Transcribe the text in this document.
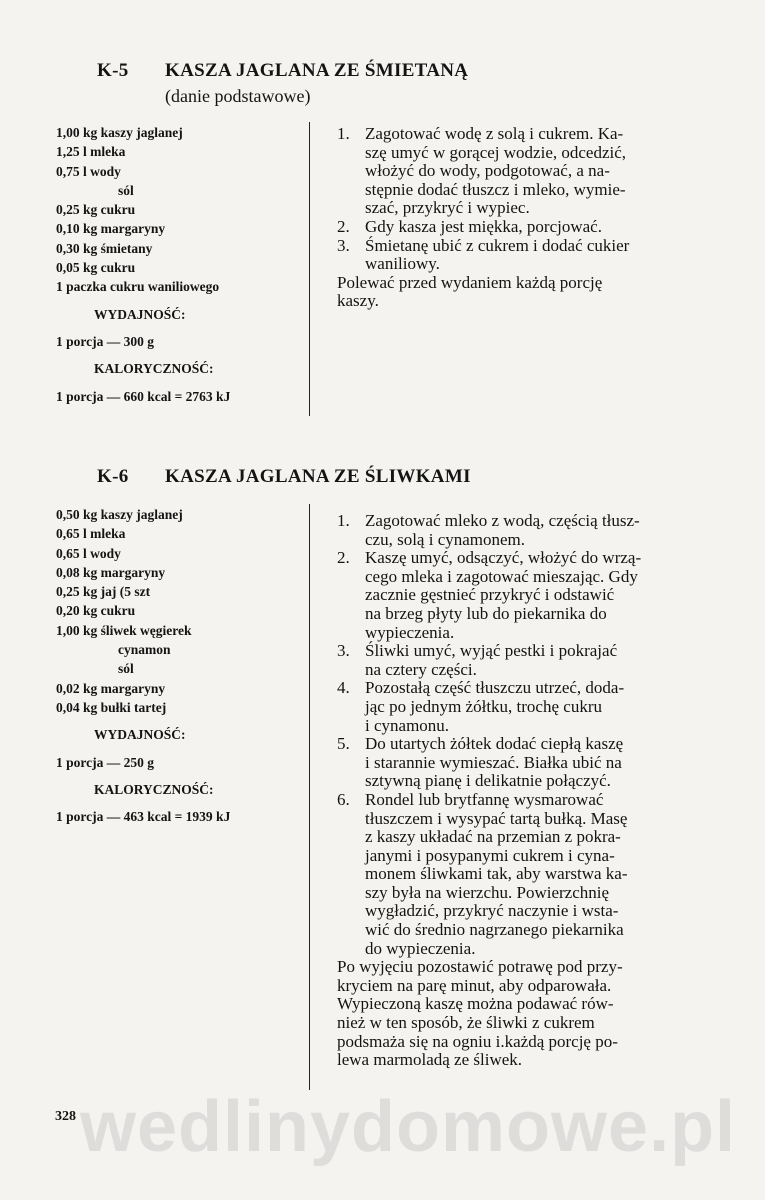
K-5 KASZA JAGLANA ZE ŚMIETANĄ
(danie podstawowe)
1,00 kg kaszy jaglanej
1,25 l mleka
0,75 l wody
sól
0,25 kg cukru
0,10 kg margaryny
0,30 kg śmietany
0,05 kg cukru
1 paczka cukru waniliowego
WYDAJNOŚĆ:
1 porcja — 300 g
KALORYCZNOŚĆ:
1 porcja — 660 kcal = 2763 kJ
1. Zagotować wodę z solą i cukrem. Ka-
szę umyć w gorącej wodzie, odcedzić,
włożyć do wody, podgotować, a na-
stępnie dodać tłuszcz i mleko, wymie-
szać, przykryć i wypiec.
2. Gdy kasza jest miękka, porcjować.
3. Śmietanę ubić z cukrem i dodać cukier
waniliowy.
Polewać przed wydaniem każdą porcję
kaszy.
K-6 KASZA JAGLANA ZE ŚLIWKAMI
0,50 kg kaszy jaglanej
0,65 l mleka
0,65 l wody
0,08 kg margaryny
0,25 kg jaj (5 szt
0,20 kg cukru
1,00 kg śliwek węgierek
cynamon
sól
0,02 kg margaryny
0,04 kg bułki tartej
WYDAJNOŚĆ:
1 porcja — 250 g
KALORYCZNOŚĆ:
1 porcja — 463 kcal = 1939 kJ
1. Zagotować mleko z wodą, częścią tłusz-
czu, solą i cynamonem.
2. Kaszę umyć, odsączyć, włożyć do wrzą-
cego mleka i zagotować mieszając. Gdy
zacznie gęstnieć przykryć i odstawić
na brzeg płyty lub do piekarnika do
wypieczenia.
3. Śliwki umyć, wyjąć pestki i pokrajać
na cztery części.
4. Pozostałą część tłuszczu utrzeć, doda-
jąc po jednym żółtku, trochę cukru
i cynamonu.
5. Do utartych żółtek dodać ciepłą kaszę
i starannie wymieszać. Białka ubić na
sztywną pianę i delikatnie połączyć.
6. Rondel lub brytfannę wysmarować
tłuszczem i wysypać tartą bułką. Masę
z kaszy układać na przemian z pokra-
janymi i posypanymi cukrem i cyna-
monem śliwkami tak, aby warstwa ka-
szy była na wierzchu. Powierzchnię
wygładzić, przykryć naczynie i wsta-
wić do średnio nagrzanego piekarnika
do wypieczenia.
Po wyjęciu pozostawić potrawę pod przy-
kryciem na parę minut, aby odparowała.
Wypieczoną kaszę można podawać rów-
nież w ten sposób, że śliwki z cukrem
podsmaża się na ogniu i.każdą porcję po-
lewa marmoladą ze śliwek.
wedlinydomowe.pl
328
